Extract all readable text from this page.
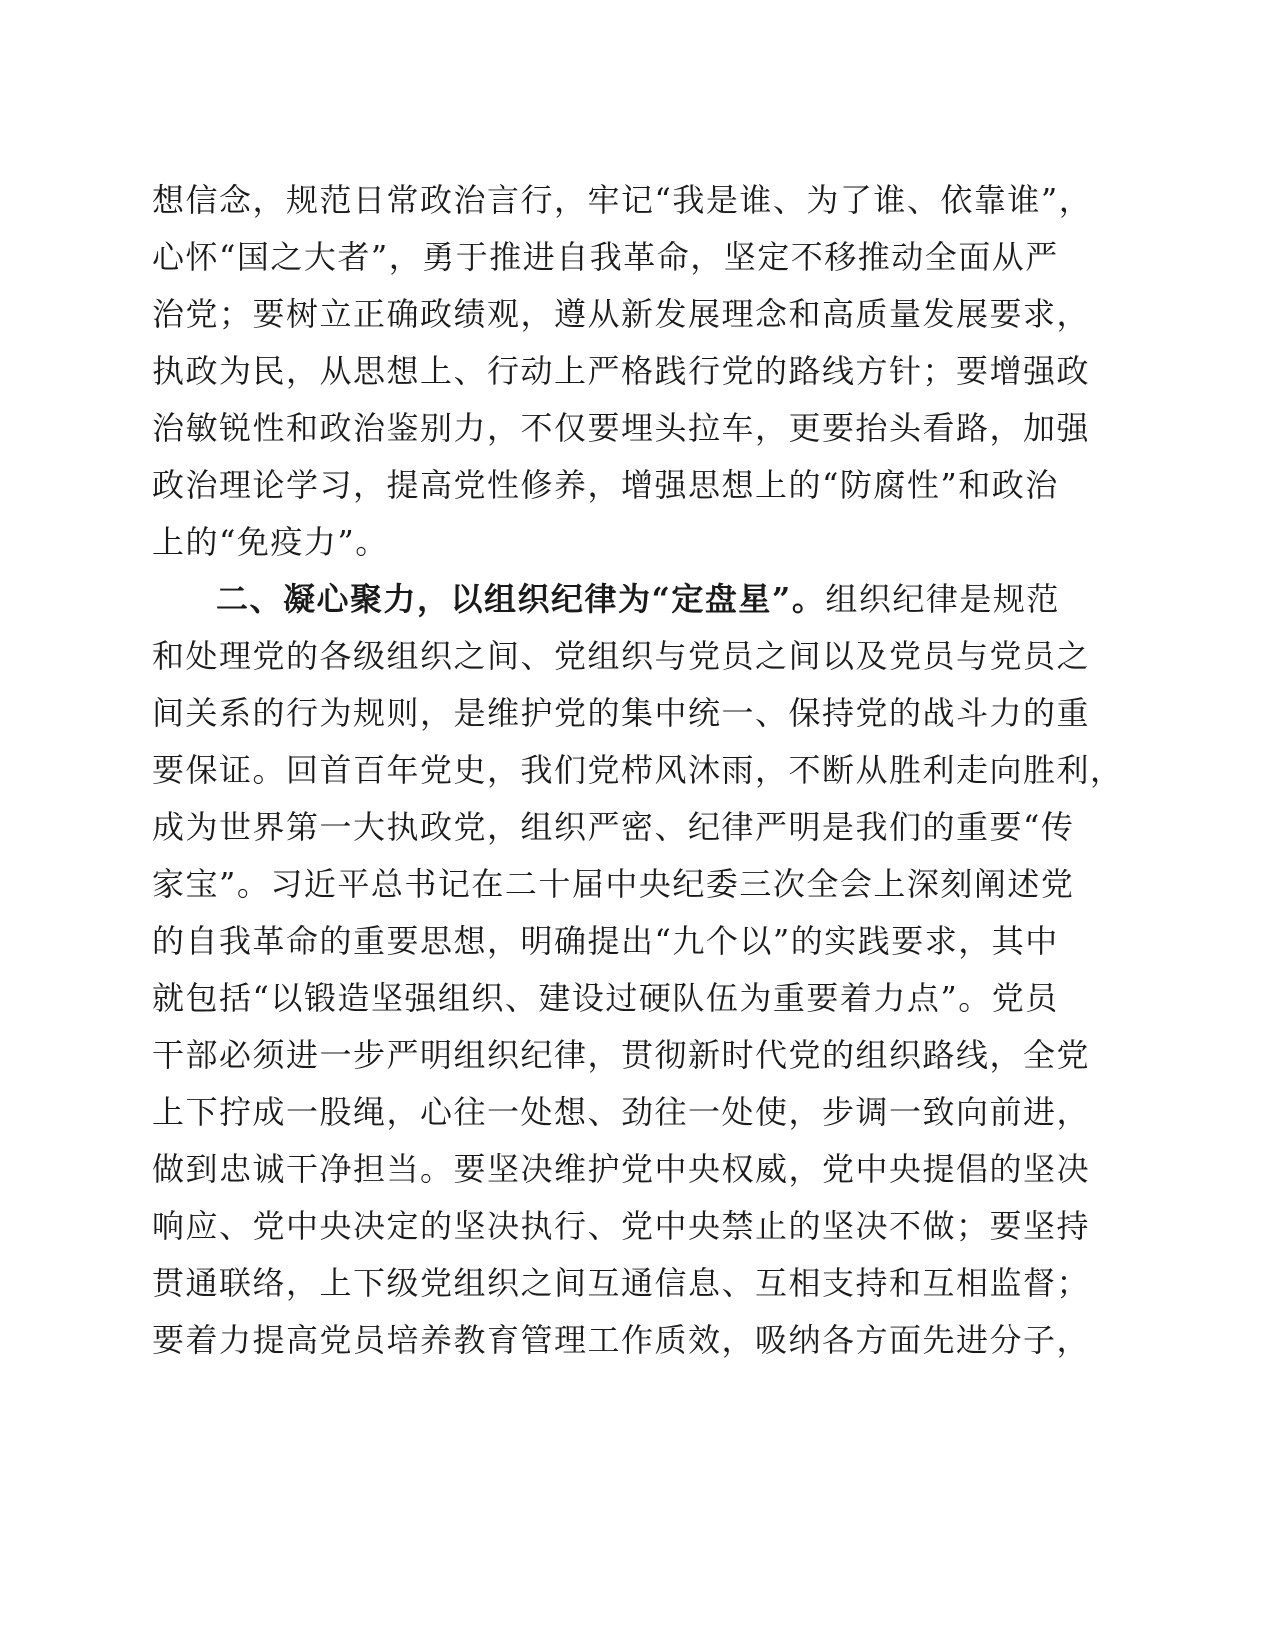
想信念，规范日常政治言行，牢记“我是谁、为了谁、依靠谁”，
心怀“国之大者”，勇于推进自我革命，坚定不移推动全面从严
治党；要树立正确政绩观，遵从新发展理念和高质量发展要求，
执政为民，从思想上、行动上严格践行党的路线方针；要增强政
治敏锐性和政治鉴别力，不仅要埋头拉车，更要抬头看路，加强
政治理论学习，提高党性修养，增强思想上的“防腐性”和政治
上的“免疫力”。
二、凝心聚力，以组织纪律为“定盘星”。组织纪律是规范
和处理党的各级组织之间、党组织与党员之间以及党员与党员之
间关系的行为规则，是维护党的集中统一、保持党的战斗力的重
要保证。回首百年党史，我们党栉风沐雨，不断从胜利走向胜利，
成为世界第一大执政党，组织严密、纪律严明是我们的重要“传
家宝”。习近平总书记在二十届中央纪委三次全会上深刻阐述党
的自我革命的重要思想，明确提出“九个以”的实践要求，其中
就包括“以锻造坚强组织、建设过硬队伍为重要着力点”。党员
干部必须进一步严明组织纪律，贯彻新时代党的组织路线，全党
上下拧成一股绳，心往一处想、劲往一处使，步调一致向前进，
做到忠诚干净担当。要坚决维护党中央权威，党中央提倡的坚决
响应、党中央决定的坚决执行、党中央禁止的坚决不做；要坚持
贯通联络，上下级党组织之间互通信息、互相支持和互相监督；
要着力提高党员培养教育管理工作质效，吸纳各方面先进分子，
